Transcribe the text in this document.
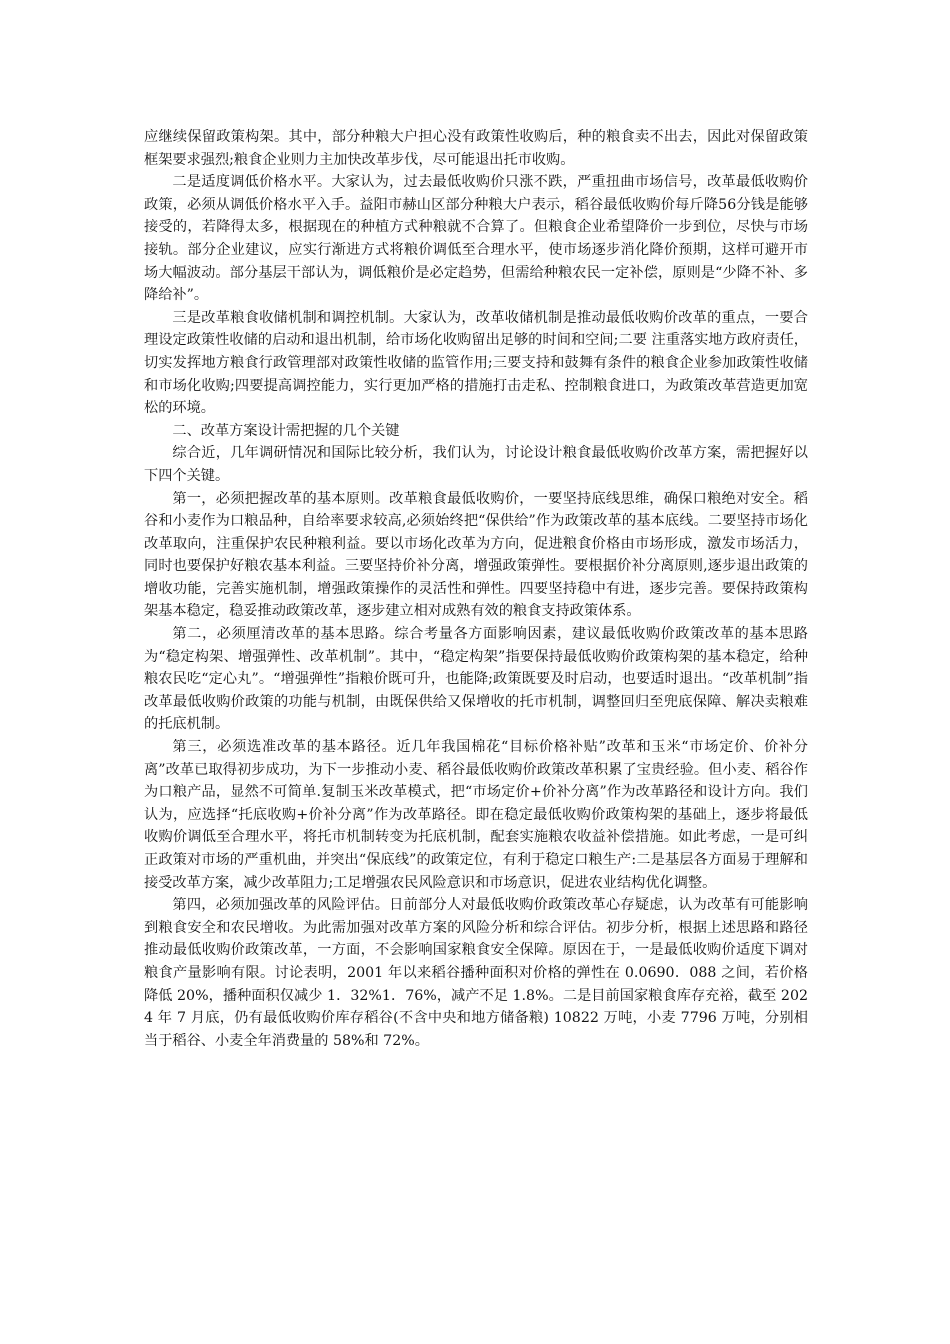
应继续保留政策构架。其中，部分种粮大户担心没有政策性收购后，种的粮食卖不出去，因此对保留政策框架要求强烈;粮食企业则力主加快改革步伐，尽可能退出托市收购。

二是适度调低价格水平。大家认为，过去最低收购价只涨不跌，严重扭曲市场信号，改革最低收购价政策，必须从调低价格水平入手。益阳市赫山区部分种粮大户表示，稻谷最低收购价每斤降56分钱是能够接受的，若降得太多，根据现在的种植方式种粮就不合算了。但粮食企业希望降价一步到位，尽快与市场接轨。部分企业建议，应实行渐进方式将粮价调低至合理水平，使市场逐步消化降价预期，这样可避开市场大幅波动。部分基层干部认为，调低粮价是必定趋势，但需给种粮农民一定补偿，原则是“少降不补、多降给补”。

三是改革粮食收储机制和调控机制。大家认为，改革收储机制是推动最低收购价改革的重点，一要合理设定政策性收储的启动和退出机制，给市场化收购留出足够的时间和空间;二要 注重落实地方政府责任，切实发挥地方粮食行政管理部对政策性收储的监管作用;三要支持和鼓舞有条件的粮食企业参加政策性收储和市场化收购;四要提高调控能力，实行更加严格的措施打击走私、控制粮食进口，为政策改革营造更加宽松的环境。

二、改革方案设计需把握的几个关键

综合近，几年调研情况和国际比较分析，我们认为，讨论设计粮食最低收购价改革方案，需把握好以下四个关键。

第一，必须把握改革的基本原则。改革粮食最低收购价，一要坚持底线思维，确保口粮绝对安全。稻谷和小麦作为口粮品种，自给率要求较高,必须始终把“保供给”作为政策改革的基本底线。二要坚持市场化改革取向，注重保护农民种粮利益。要以市场化改革为方向，促进粮食价格由市场形成，激发市场活力，同时也要保护好粮农基本利益。三要坚持价补分离，增强政策弹性。要根据价补分离原则,逐步退出政策的增收功能，完善实施机制，增强政策操作的灵活性和弹性。四要坚持稳中有进，逐步完善。要保持政策构架基本稳定，稳妥推动政策改革，逐步建立相对成熟有效的粮食支持政策体系。

第二，必须厘清改革的基本思路。综合考量各方面影响因素，建议最低收购价政策改革的基本思路为“稳定构架、增强弹性、改革机制”。其中，“稳定构架”指要保持最低收购价政策构架的基本稳定，给种粮农民吃“定心丸”。“增强弹性”指粮价既可升，也能降;政策既要及时启动，也要适时退出。“改革机制”指改革最低收购价政策的功能与机制，由既保供给又保增收的托市机制，调整回归至兜底保障、解决卖粮难的托底机制。

第三，必须选准改革的基本路径。近几年我国棉花“目标价格补贴”改革和玉米“市场定价、价补分离”改革已取得初步成功，为下一步推动小麦、稻谷最低收购价政策改革积累了宝贵经验。但小麦、稻谷作为口粮产品，显然不可简单.复制玉米改革模式，把“市场定价+价补分离”作为改革路径和设计方向。我们认为，应选择“托底收购+价补分离”作为改革路径。即在稳定最低收购价政策构架的基础上，逐步将最低收购价调低至合理水平，将托市机制转变为托底机制，配套实施粮农收益补偿措施。如此考虑，一是可纠正政策对市场的严重机曲，并突出“保底线”的政策定位，有利于稳定口粮生产:二是基层各方面易于理解和接受改革方案，减少改革阻力;工足增强农民风险意识和市场意识，促进农业结构优化调整。

第四，必须加强改革的风险评估。日前部分人对最低收购价政策改革心存疑虑，认为改革有可能影响到粮食安全和农民增收。为此需加强对改革方案的风险分析和综合评估。初步分析，根据上述思路和路径推动最低收购价政策改革，一方面，不会影响国家粮食安全保障。原因在于，一是最低收购价适度下调对粮食产量影响有限。讨论表明，2001 年以来稻谷播种面积对价格的弹性在 0.0690．088 之间，若价格降低 20%，播种面积仅减少 1．32%1．76%，减产不足 1.8%。二是目前国家粮食库存充裕，截至 2024 年 7 月底，仍有最低收购价库存稻谷(不含中央和地方储备粮) 10822 万吨，小麦 7796 万吨，分别相当于稻谷、小麦全年消费量的 58%和 72%。
